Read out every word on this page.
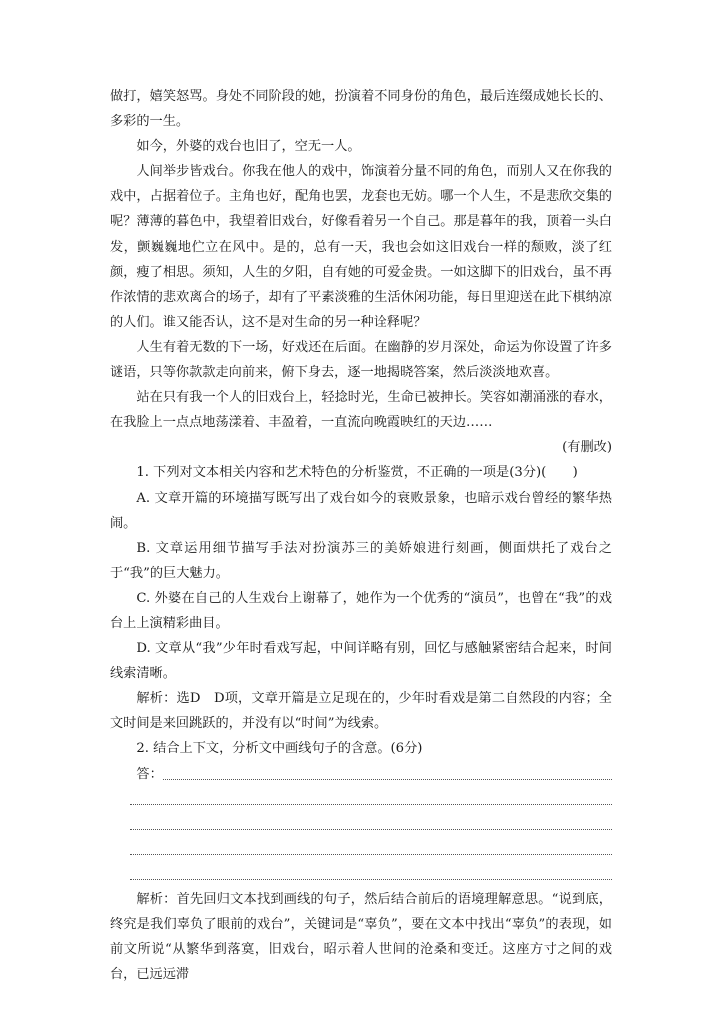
做打，嬉笑怒骂。身处不同阶段的她，扮演着不同身份的角色，最后连缀成她长长的、多彩的一生。

如今，外婆的戏台也旧了，空无一人。

人间举步皆戏台。你我在他人的戏中，饰演着分量不同的角色，而别人又在你我的戏中，占据着位子。主角也好，配角也罢，龙套也无妨。哪一个人生，不是悲欣交集的呢？薄薄的暮色中，我望着旧戏台，好像看着另一个自己。那是暮年的我，顶着一头白发，颤巍巍地伫立在风中。是的，总有一天，我也会如这旧戏台一样的颓败，淡了红颜，瘦了相思。须知，人生的夕阳，自有她的可爱金贵。一如这脚下的旧戏台，虽不再作浓情的悲欢离合的场子，却有了平素淡雅的生活休闲功能，每日里迎送在此下棋纳凉的人们。谁又能否认，这不是对生命的另一种诠释呢？

人生有着无数的下一场，好戏还在后面。在幽静的岁月深处，命运为你设置了许多谜语，只等你款款走向前来，俯下身去，逐一地揭晓答案，然后淡淡地欢喜。

站在只有我一个人的旧戏台上，轻捻时光，生命已被抻长。笑容如潮涌涨的春水，在我脸上一点点地荡漾着、丰盈着，一直流向晚霞映红的天边……

(有删改)

1. 下列对文本相关内容和艺术特色的分析鉴赏，不正确的一项是(3分)(　　)

A. 文章开篇的环境描写既写出了戏台如今的衰败景象，也暗示戏台曾经的繁华热闹。

B. 文章运用细节描写手法对扮演苏三的美娇娘进行刻画，侧面烘托了戏台之于“我”的巨大魅力。

C. 外婆在自己的人生戏台上谢幕了，她作为一个优秀的“演员”，也曾在“我”的戏台上上演精彩曲目。

D. 文章从“我”少年时看戏写起，中间详略有别，回忆与感触紧密结合起来，时间线索清晰。

解析：选D　D项，文章开篇是立足现在的，少年时看戏是第二自然段的内容；全文时间是来回跳跃的，并没有以“时间”为线索。

2. 结合上下文，分析文中画线句子的含意。(6分)

答：

解析：首先回归文本找到画线的句子，然后结合前后的语境理解意思。“说到底，终究是我们辜负了眼前的戏台”，关键词是“辜负”，要在文本中找出“辜负”的表现，如前文所说“从繁华到落寞，旧戏台，昭示着人世间的沧桑和变迁。这座方寸之间的戏台，已远远滞
